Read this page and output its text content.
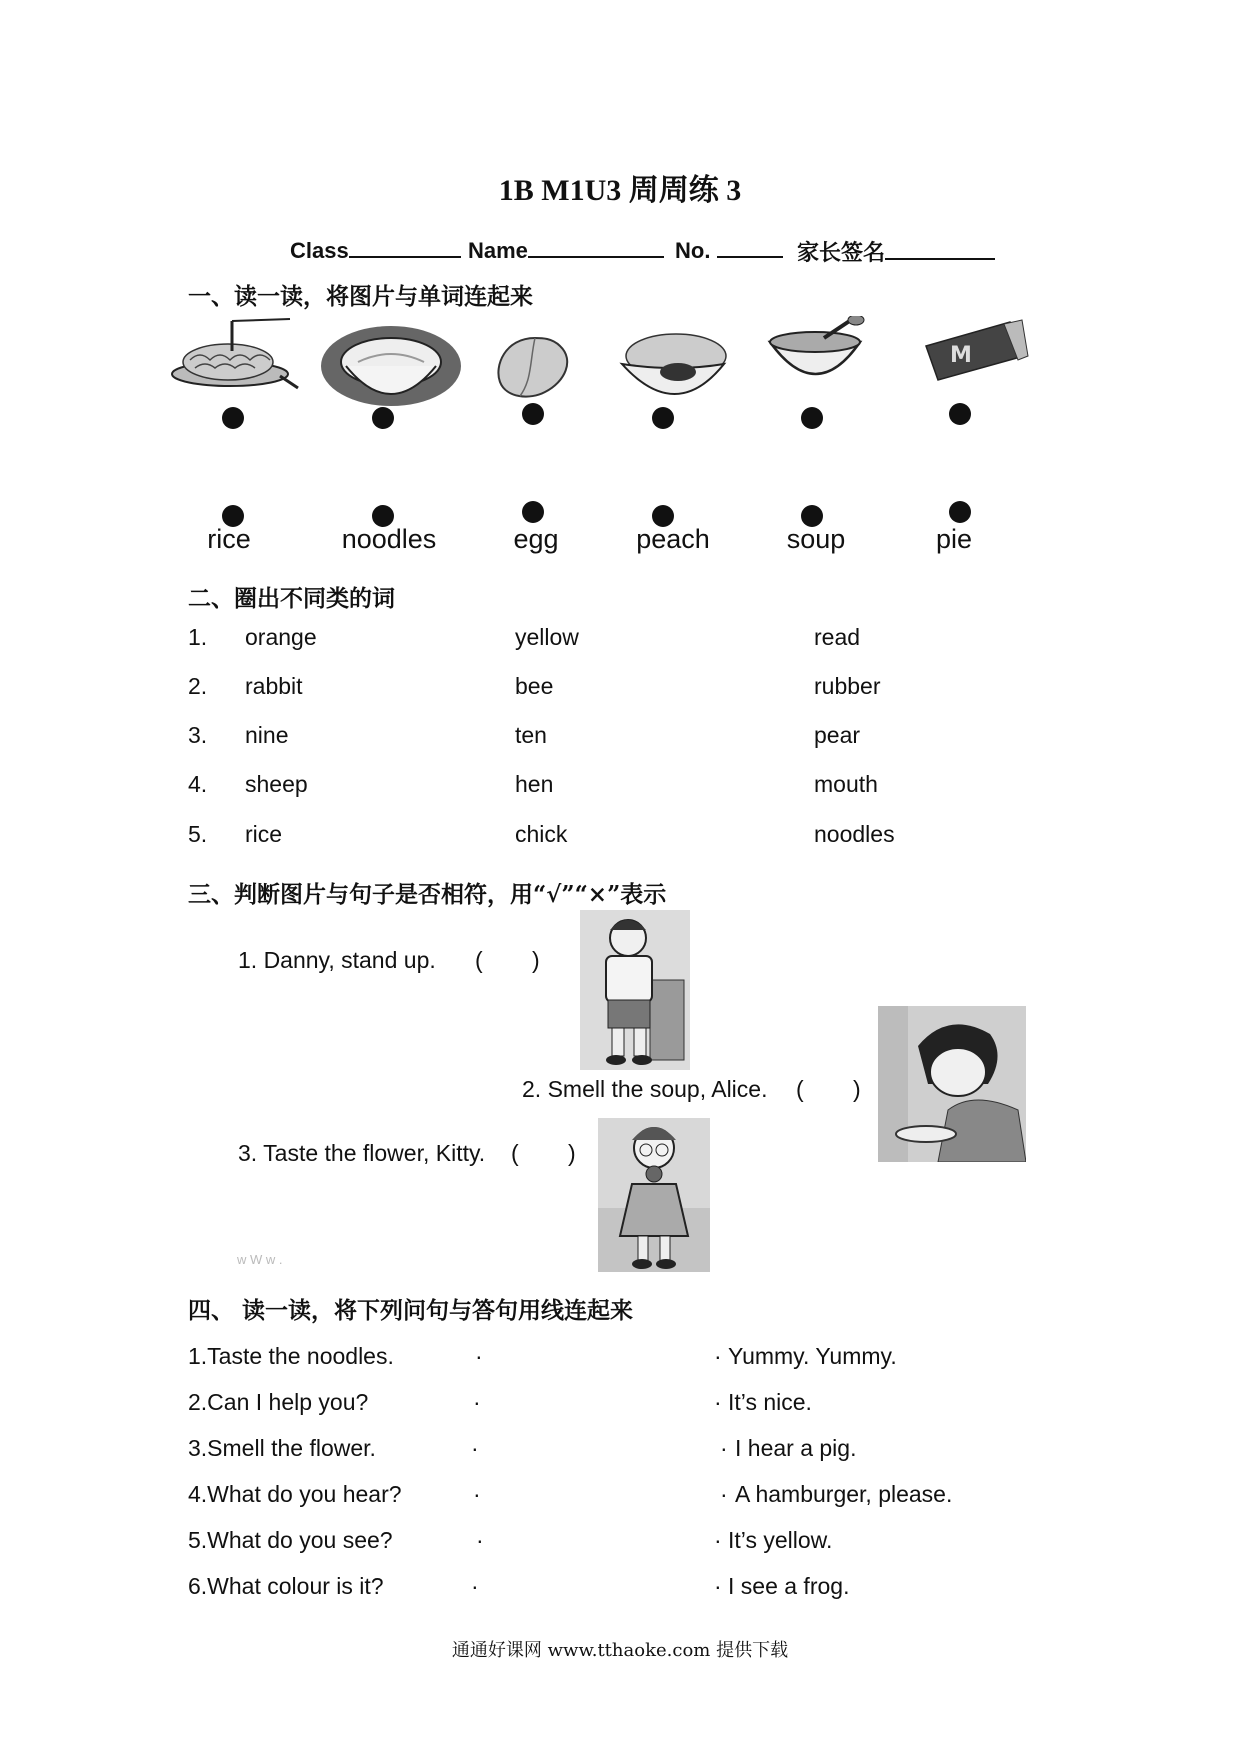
1B M1U3 周周练 3
Class	Name	No.	家长签名
一、读一读，将图片与单词连起来
M
rice	noodles	egg	peach	soup	pie
二、圈出不同类的词
1. orange	yellow	read
2. rabbit	bee	rubber
3. nine	ten	pear
4. sheep	hen	mouth
5. rice	chick	noodles
三、判断图片与句子是否相符，用“√”“×”表示
1. Danny, stand up. ( )
2. Smell the soup, Alice. ( )
3. Taste the flower, Kitty. ( )
w W w .
四、 读一读，将下列问句与答句用线连起来
1.Taste the noodles.
2.Can I help you?
3.Smell the flower.
4.What do you hear?
5.What do you see?
6.What colour is it?
·
·
·
·
·
·
·
·
·
·
·
·
Yummy. Yummy.
It’s nice.
I hear a pig.
A hamburger, please.
It’s yellow.
I see a frog.
通通好课网 www.tthaoke.com 提供下载
